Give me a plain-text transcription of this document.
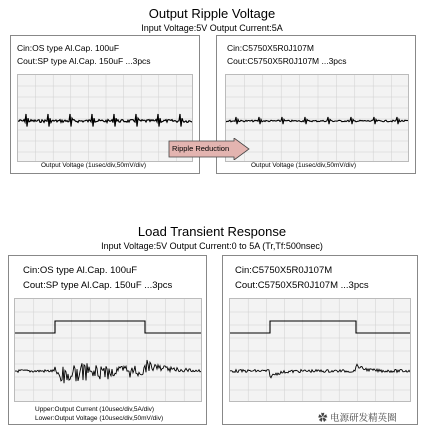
Output Ripple Voltage
Input Voltage:5V Output Current:5A
Cin:OS type Al.Cap. 100uF
Cout:SP type Al.Cap. 150uF ...3pcs
Output Voltage (1usec/div,50mV/div)
Cin:C5750X5R0J107M
Cout:C5750X5R0J107M ...3pcs
Output Voltage (1usec/div,50mV/div)
Ripple Reduction
Load Transient Response
Input Voltage:5V Output Current:0 to 5A (Tr,Tf:500nsec)
Cin:OS type Al.Cap. 100uF
Cout:SP type Al.Cap. 150uF ...3pcs
Upper:Output Current (10usec/div,5A/div)
Lower:Output Voltage (10usec/div,50mV/div)
Cin:C5750X5R0J107M
Cout:C5750X5R0J107M ...3pcs
✿ 电源研发精英圈
